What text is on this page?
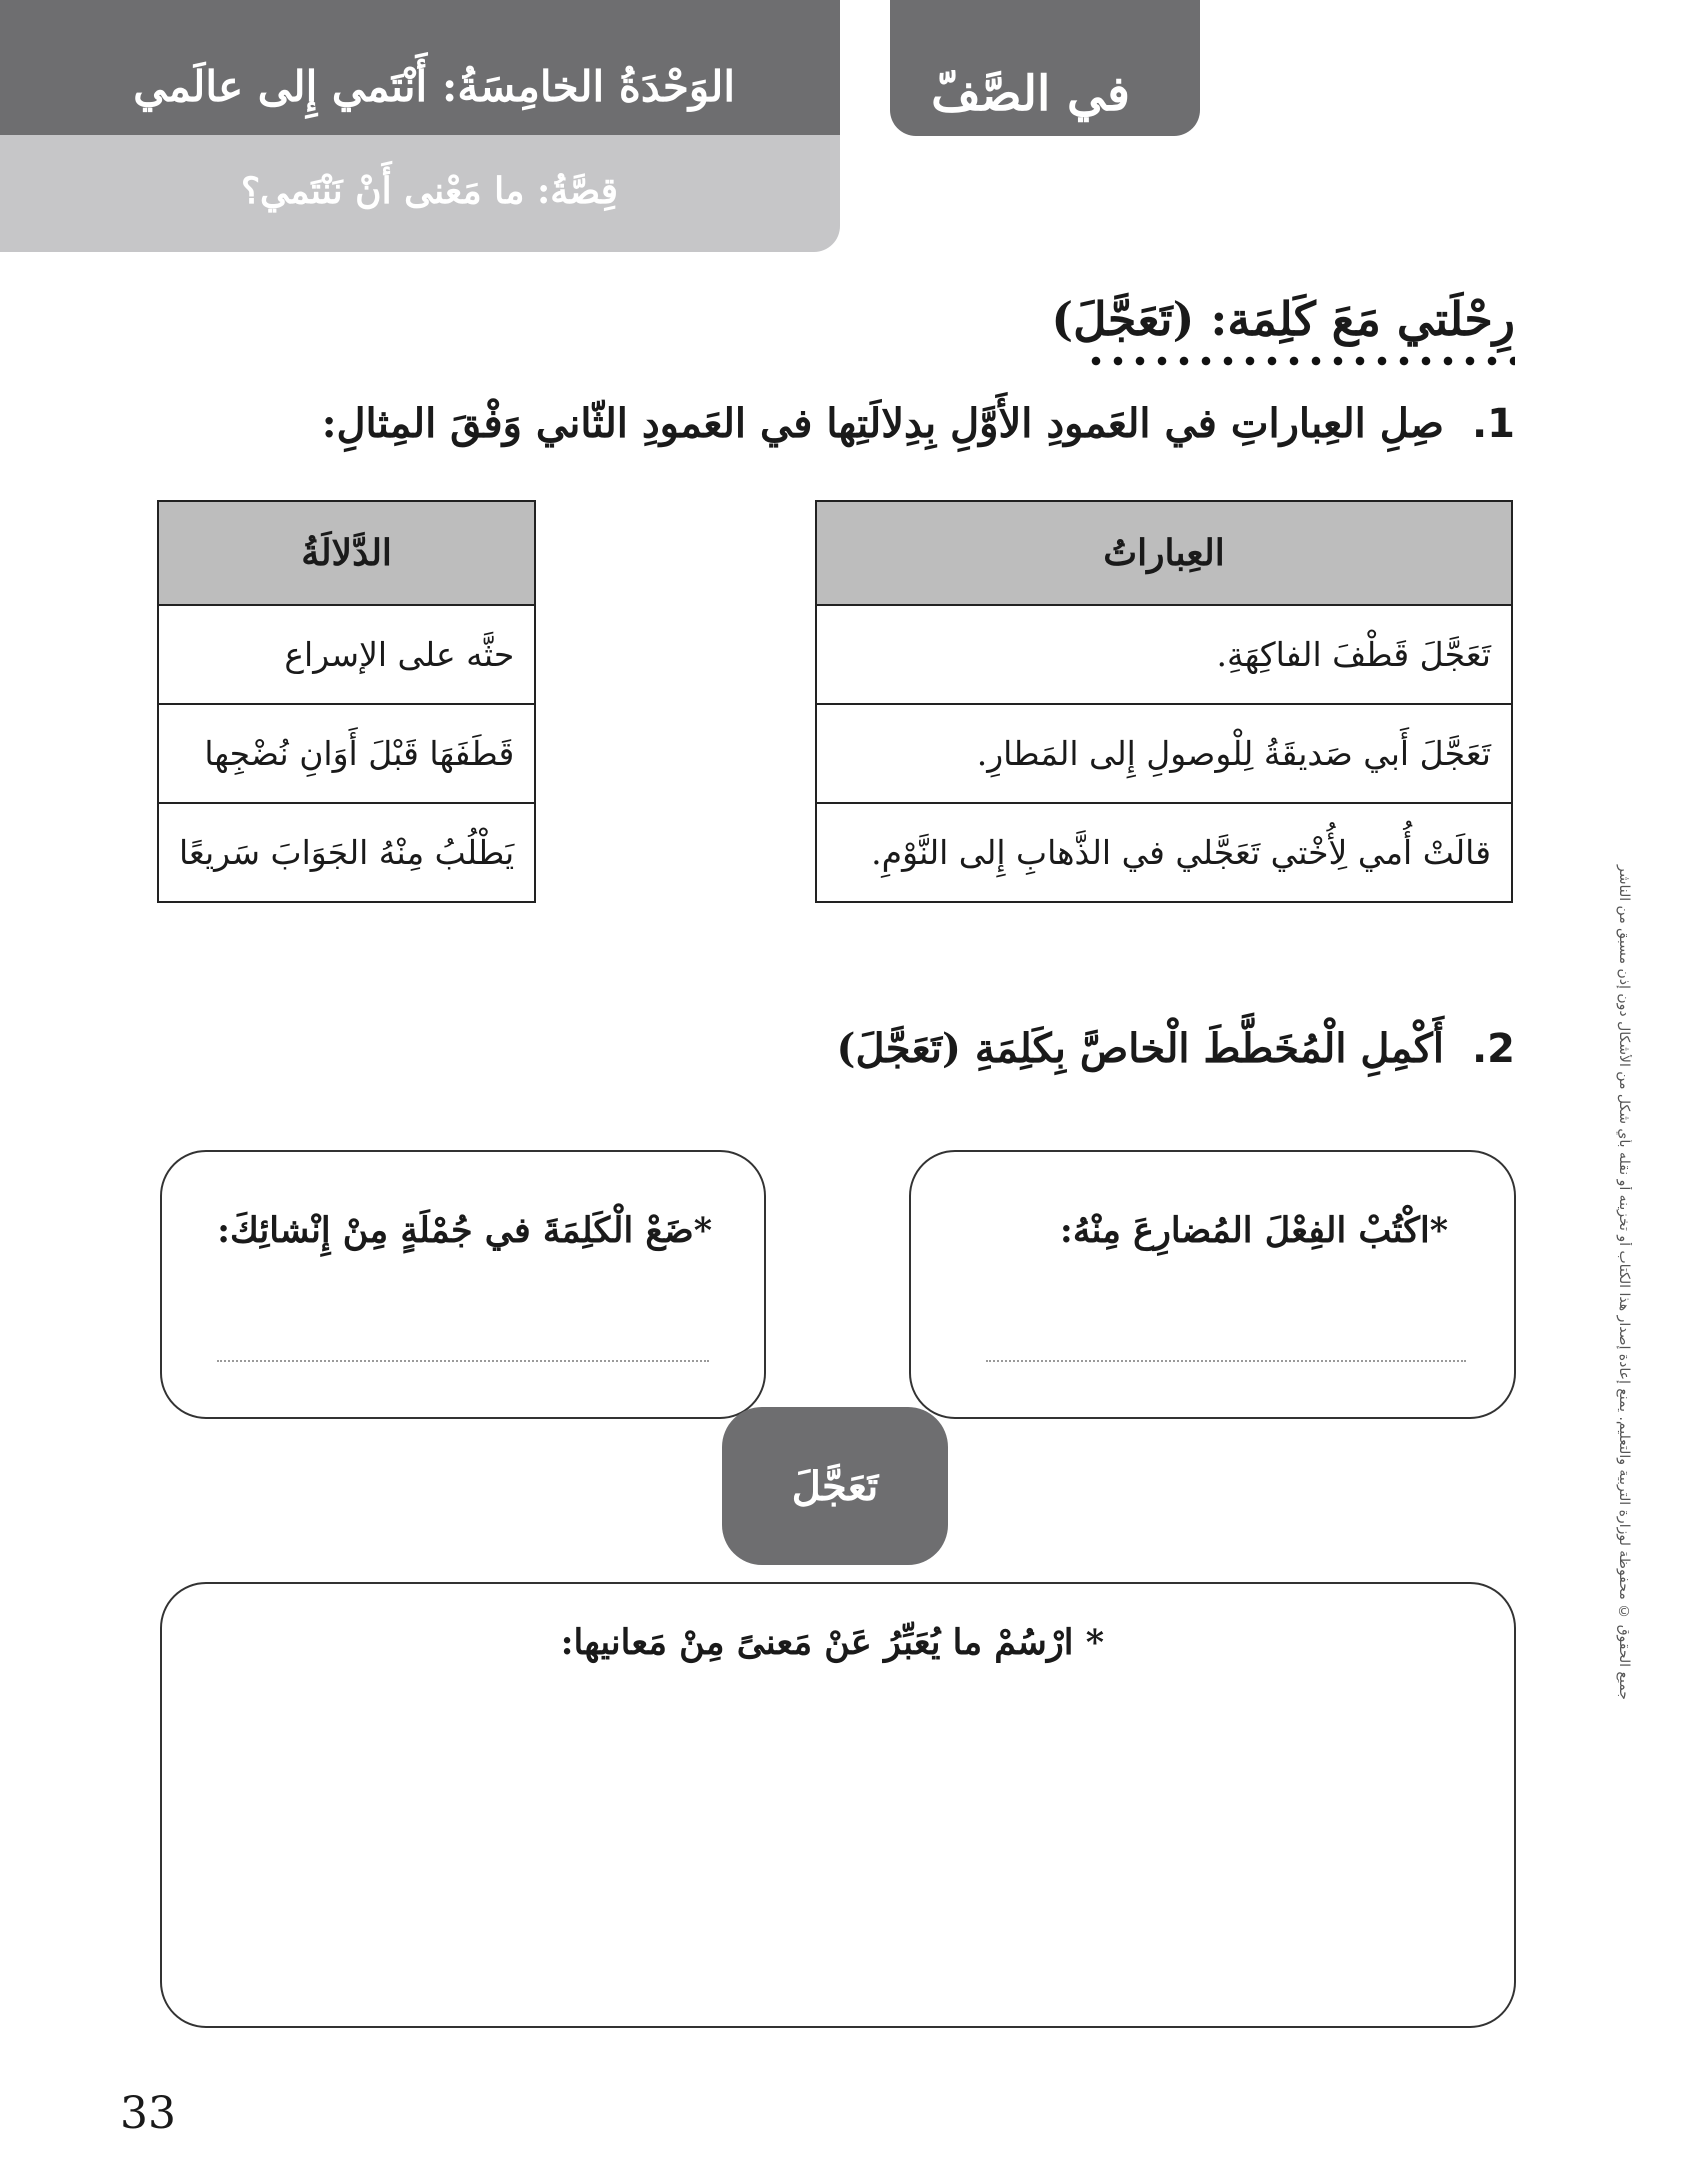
الوَحْدَةُ الخامِسَةُ: أَنْتَمي إِلى عالَمي
قِصَّةُ: ما مَعْنى أَنْ نَنْتَمي؟
في الصَّفّ
جميع الحقوق © محفوظة لوزارة التربية والتعليم. يمنع إعادة إصدار هذا الكتاب أو تخزينه أو نقله بأي شكل من الأشكال دون إذن مسبق من الناشر
رِحْلَتي مَعَ كَلِمَة: (تَعَجَّلَ)
1.صِلِ العِباراتِ في العَمودِ الأَوَّلِ بِدِلالَتِها في العَمودِ الثّاني وَفْقَ المِثالِ:
العِباراتُ
تَعَجَّلَ قَطْفَ الفاكِهَةِ.
تَعَجَّلَ أَبي صَديقَةُ لِلْوصولِ إِلى المَطارِ.
قالَتْ أُمي لِأُخْتي تَعَجَّلي في الذَّهابِ إِلى النَّوْمِ.
الدَّلالَةُ
حثَّه على الإسراع
قَطَفَهَا قَبْلَ أَوَانِ نُضْجِها
يَطْلُبُ مِنْهُ الجَوَابَ سَريعًا
2.أَكْمِلِ الْمُخَطَّطَ الْخاصَّ بِكَلِمَةِ (تَعَجَّلَ)
*اكْتُبْ الفِعْلَ المُضارِعَ مِنْهُ:
*ضَعْ الْكَلِمَةَ في جُمْلَةٍ مِنْ إِنْشائِكَ:
تَعَجَّلَ
* ارْسُمْ ما يُعَبِّرُ عَنْ مَعنىً مِنْ مَعانيها:
33
